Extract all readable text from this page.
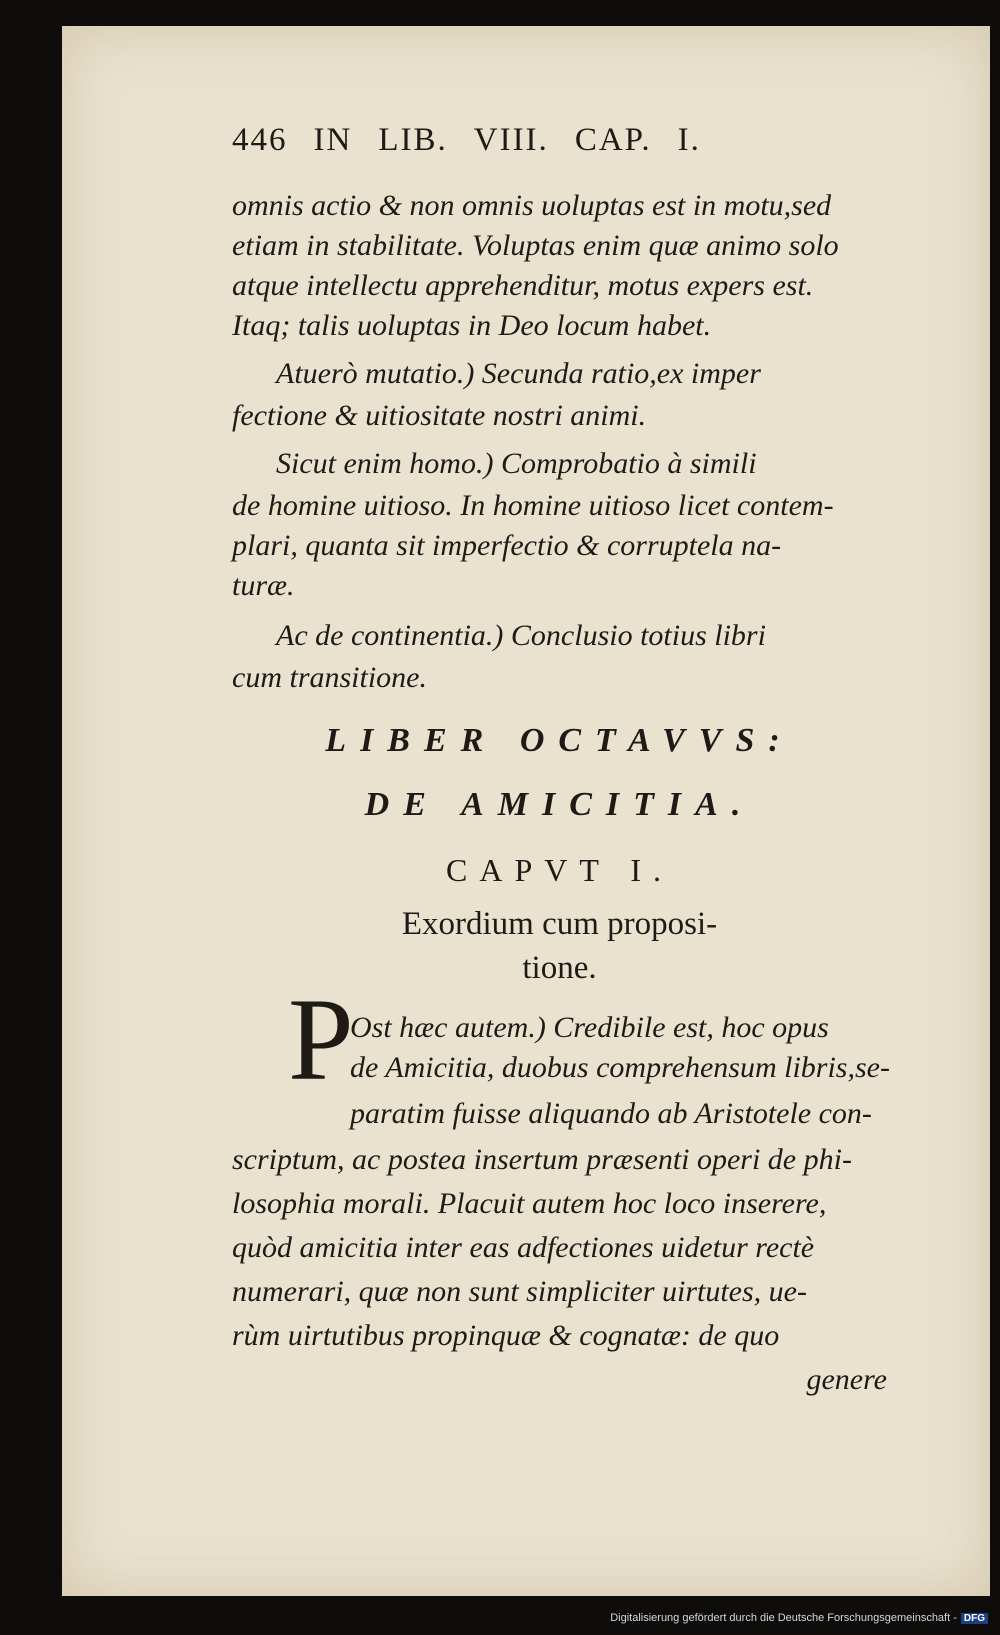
446 IN LIB. VIII. CAP. I.
omnis actio & non omnis uoluptas est in motu,sed
etiam in stabilitate. Voluptas enim quæ animo solo
atque intellectu apprehenditur, motus expers est.
Itaq; talis uoluptas in Deo locum habet.
Atuerò mutatio.) Secunda ratio,ex imper
fectione & uitiositate nostri animi.
Sicut enim homo.) Comprobatio à simili
de homine uitioso. In homine uitioso licet contem-
plari, quanta sit imperfectio & corruptela na-
turæ.
Ac de continentia.) Conclusio totius libri
cum transitione.
LIBER OCTAVVS:
DE AMICITIA.
CAPVT I.
Exordium cum proposi-
tione.
P
Ost hæc autem.) Credibile est, hoc opus
de Amicitia, duobus comprehensum libris,se-
paratim fuisse aliquando ab Aristotele con-
scriptum, ac postea insertum præsenti operi de phi-
losophia morali. Placuit autem hoc loco inserere,
quòd amicitia inter eas adfectiones uidetur rectè
numerari, quæ non sunt simpliciter uirtutes, ue-
rùm uirtutibus propinquæ & cognatæ: de quo
genere
Digitalisierung gefördert durch die Deutsche Forschungsgemeinschaft - DFG
